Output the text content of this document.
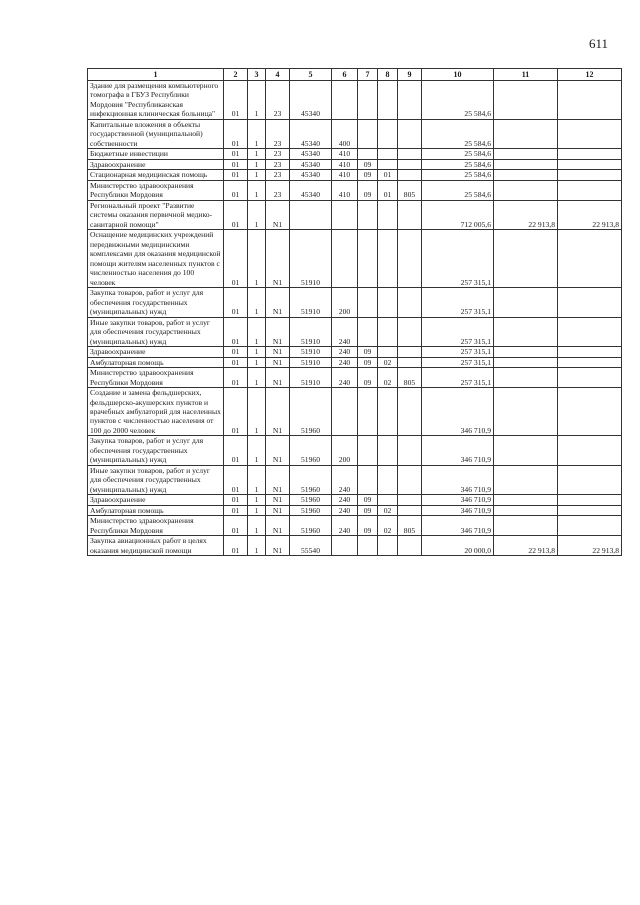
611
1	2	3	4	5	6	7	8	9	10	11	12
Здание для размещения компьютерного томографа в ГБУЗ Республики Мордовия "Республиканская инфекционная клиническая больница"	01	1	23	45340					25 584,6		
Капитальные вложения в объекты государственной (муниципальной) собственности	01	1	23	45340	400				25 584,6		
Бюджетные инвестиции	01	1	23	45340	410				25 584,6		
Здравоохранение	01	1	23	45340	410	09			25 584,6		
Стационарная медицинская помощь	01	1	23	45340	410	09	01		25 584,6		
Министерство здравоохранения Республики Мордовия	01	1	23	45340	410	09	01	805	25 584,6		
Региональный проект "Развитие системы оказания первичной медико-санитарной помощи"	01	1	N1						712 005,6	22 913,8	22 913,8
Оснащение медицинских учреждений передвижными медицинскими комплексами для оказания медицинской помощи жителям населенных пунктов с численностью населения до 100 человек	01	1	N1	51910					257 315,1		
Закупка товаров, работ и услуг для обеспечения государственных (муниципальных) нужд	01	1	N1	51910	200				257 315,1		
Иные закупки товаров, работ и услуг для обеспечения государственных (муниципальных) нужд	01	1	N1	51910	240				257 315,1		
Здравоохранение	01	1	N1	51910	240	09			257 315,1		
Амбулаторная помощь	01	1	N1	51910	240	09	02		257 315,1		
Министерство здравоохранения Республики Мордовия	01	1	N1	51910	240	09	02	805	257 315,1		
Создание и замена фельдшерских, фельдшерско-акушерских пунктов и врачебных амбулаторий для населенных пунктов с численностью населения от 100 до 2000 человек	01	1	N1	51960					346 710,9		
Закупка товаров, работ и услуг для обеспечения государственных (муниципальных) нужд	01	1	N1	51960	200				346 710,9		
Иные закупки товаров, работ и услуг для обеспечения государственных (муниципальных) нужд	01	1	N1	51960	240				346 710,9		
Здравоохранение	01	1	N1	51960	240	09			346 710,9		
Амбулаторная помощь	01	1	N1	51960	240	09	02		346 710,9		
Министерство здравоохранения Республики Мордовия	01	1	N1	51960	240	09	02	805	346 710,9		
Закупка авиационных работ в целях оказания медицинской помощи	01	1	N1	55540					20 000,0	22 913,8	22 913,8
